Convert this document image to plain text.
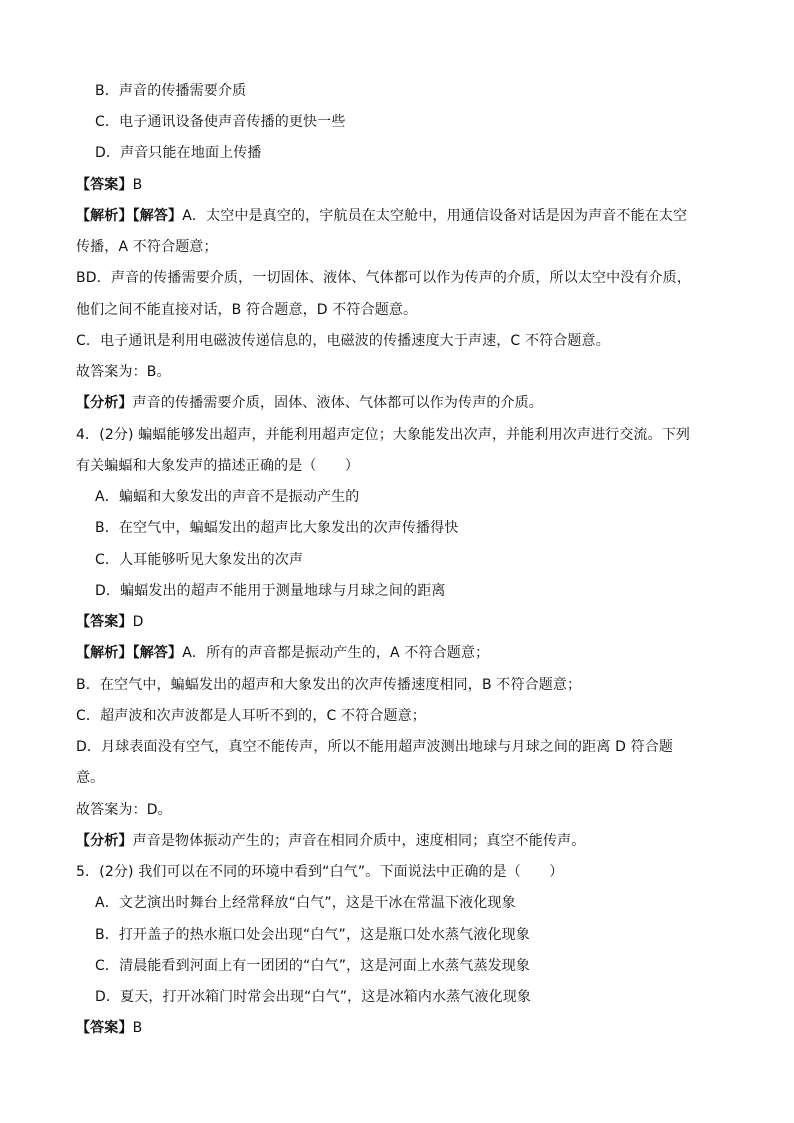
B．声音的传播需要介质
C．电子通讯设备使声音传播的更快一些
D．声音只能在地面上传播
【答案】B
【解析】【解答】A．太空中是真空的，宇航员在太空舱中，用通信设备对话是因为声音不能在太空
传播，A 不符合题意；
BD．声音的传播需要介质，一切固体、液体、气体都可以作为传声的介质，所以太空中没有介质，
他们之间不能直接对话，B 符合题意，D 不符合题意。
C．电子通讯是利用电磁波传递信息的，电磁波的传播速度大于声速，C 不符合题意。
故答案为：B。
【分析】声音的传播需要介质，固体、液体、气体都可以作为传声的介质。
4．(2分) 蝙蝠能够发出超声，并能利用超声定位；大象能发出次声，并能利用次声进行交流。下列
有关蝙蝠和大象发声的描述正确的是（　　）
A．蝙蝠和大象发出的声音不是振动产生的
B．在空气中，蝙蝠发出的超声比大象发出的次声传播得快
C．人耳能够听见大象发出的次声
D．蝙蝠发出的超声不能用于测量地球与月球之间的距离
【答案】D
【解析】【解答】A．所有的声音都是振动产生的，A 不符合题意；
B．在空气中，蝙蝠发出的超声和大象发出的次声传播速度相同，B 不符合题意；
C．超声波和次声波都是人耳听不到的，C 不符合题意；
D．月球表面没有空气，真空不能传声，所以不能用超声波测出地球与月球之间的距离 D 符合题
意。
故答案为：D。
【分析】声音是物体振动产生的；声音在相同介质中，速度相同；真空不能传声。
5．(2分) 我们可以在不同的环境中看到“白气”。下面说法中正确的是（　　）
A．文艺演出时舞台上经常释放“白气”，这是干冰在常温下液化现象
B．打开盖子的热水瓶口处会出现“白气”，这是瓶口处水蒸气液化现象
C．清晨能看到河面上有一团团的“白气”，这是河面上水蒸气蒸发现象
D．夏天，打开冰箱门时常会出现“白气”，这是冰箱内水蒸气液化现象
【答案】B
